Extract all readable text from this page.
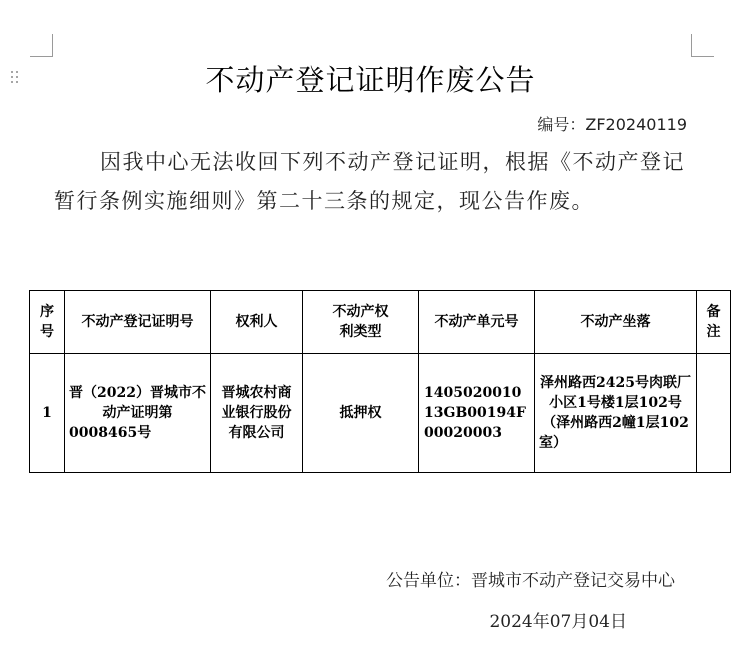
不动产登记证明作废公告
编号：ZF20240119
因我中心无法收回下列不动产登记证明，根据《不动产登记暂行条例实施细则》第二十三条的规定，现公告作废。
序号	不动产登记证明号	权利人	不动产权利类型	不动产单元号	不动产坐落	备注
1	晋（2022）晋城市不动产证明第0008465号	晋城农村商业银行股份有限公司	抵押权	140502001013GB00194F00020003	泽州路西2425号肉联厂小区1号楼1层102号（泽州路西2幢1层102室）	
公告单位：晋城市不动产登记交易中心
2024年07月04日
